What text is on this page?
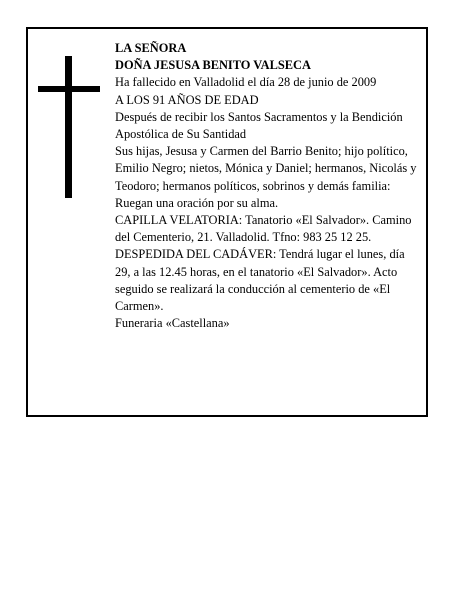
LA SEÑORA

DOÑA JESUSA BENITO VALSECA

Ha fallecido en Valladolid el día 28 de junio de 2009

A LOS 91 AÑOS DE EDAD

Después de recibir los Santos Sacramentos y la Bendición Apostólica de Su Santidad

Sus hijas, Jesusa y Carmen del Barrio Benito; hijo político, Emilio Negro; nietos, Mónica y Daniel; hermanos, Nicolás y Teodoro; hermanos políticos, sobrinos y demás familia:

Ruegan una oración por su alma.

CAPILLA VELATORIA: Tanatorio «El Salvador». Camino del Cementerio, 21. Valladolid. Tfno: 983 25 12 25.

DESPEDIDA DEL CADÁVER: Tendrá lugar el lunes, día 29, a las 12.45 horas, en el tanatorio «El Salvador». Acto seguido se realizará la conducción al cementerio de «El Carmen».

Funeraria «Castellana»
